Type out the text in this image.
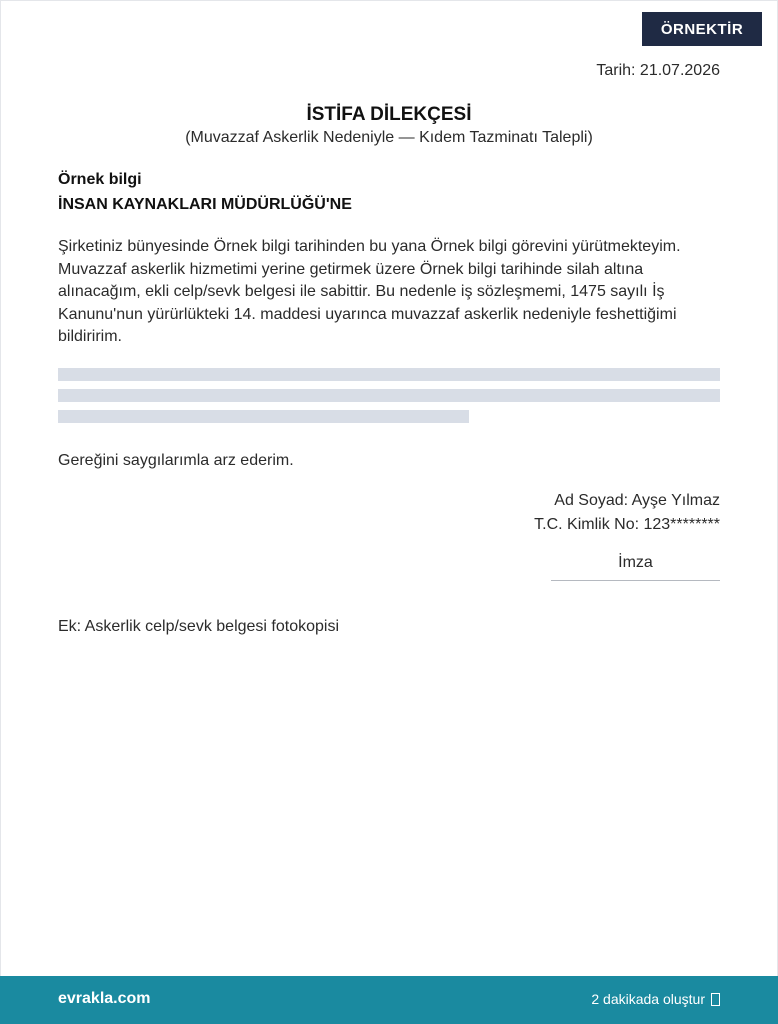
ÖRNEKTİR
Tarih: 21.07.2026
İSTİFA DİLEKÇESİ
(Muvazzaf Askerlik Nedeniyle — Kıdem Tazminatı Talepli)
Örnek bilgi
İNSAN KAYNAKLARI MÜDÜRLÜĞÜ'NE
Şirketiniz bünyesinde Örnek bilgi tarihinden bu yana Örnek bilgi görevini yürütmekteyim. Muvazzaf askerlik hizmetimi yerine getirmek üzere Örnek bilgi tarihinde silah altına alınacağım, ekli celp/sevk belgesi ile sabittir. Bu nedenle iş sözleşmemi, 1475 sayılı İş Kanunu'nun yürürlükteki 14. maddesi uyarınca muvazzaf askerlik nedeniyle feshettiğimi bildiririm.
Gereğini saygılarımla arz ederim.
Ad Soyad: Ayşe Yılmaz
T.C. Kimlik No: 123********
İmza
Ek: Askerlik celp/sevk belgesi fotokopisi
evrakla.com	2 dakikada oluştur
